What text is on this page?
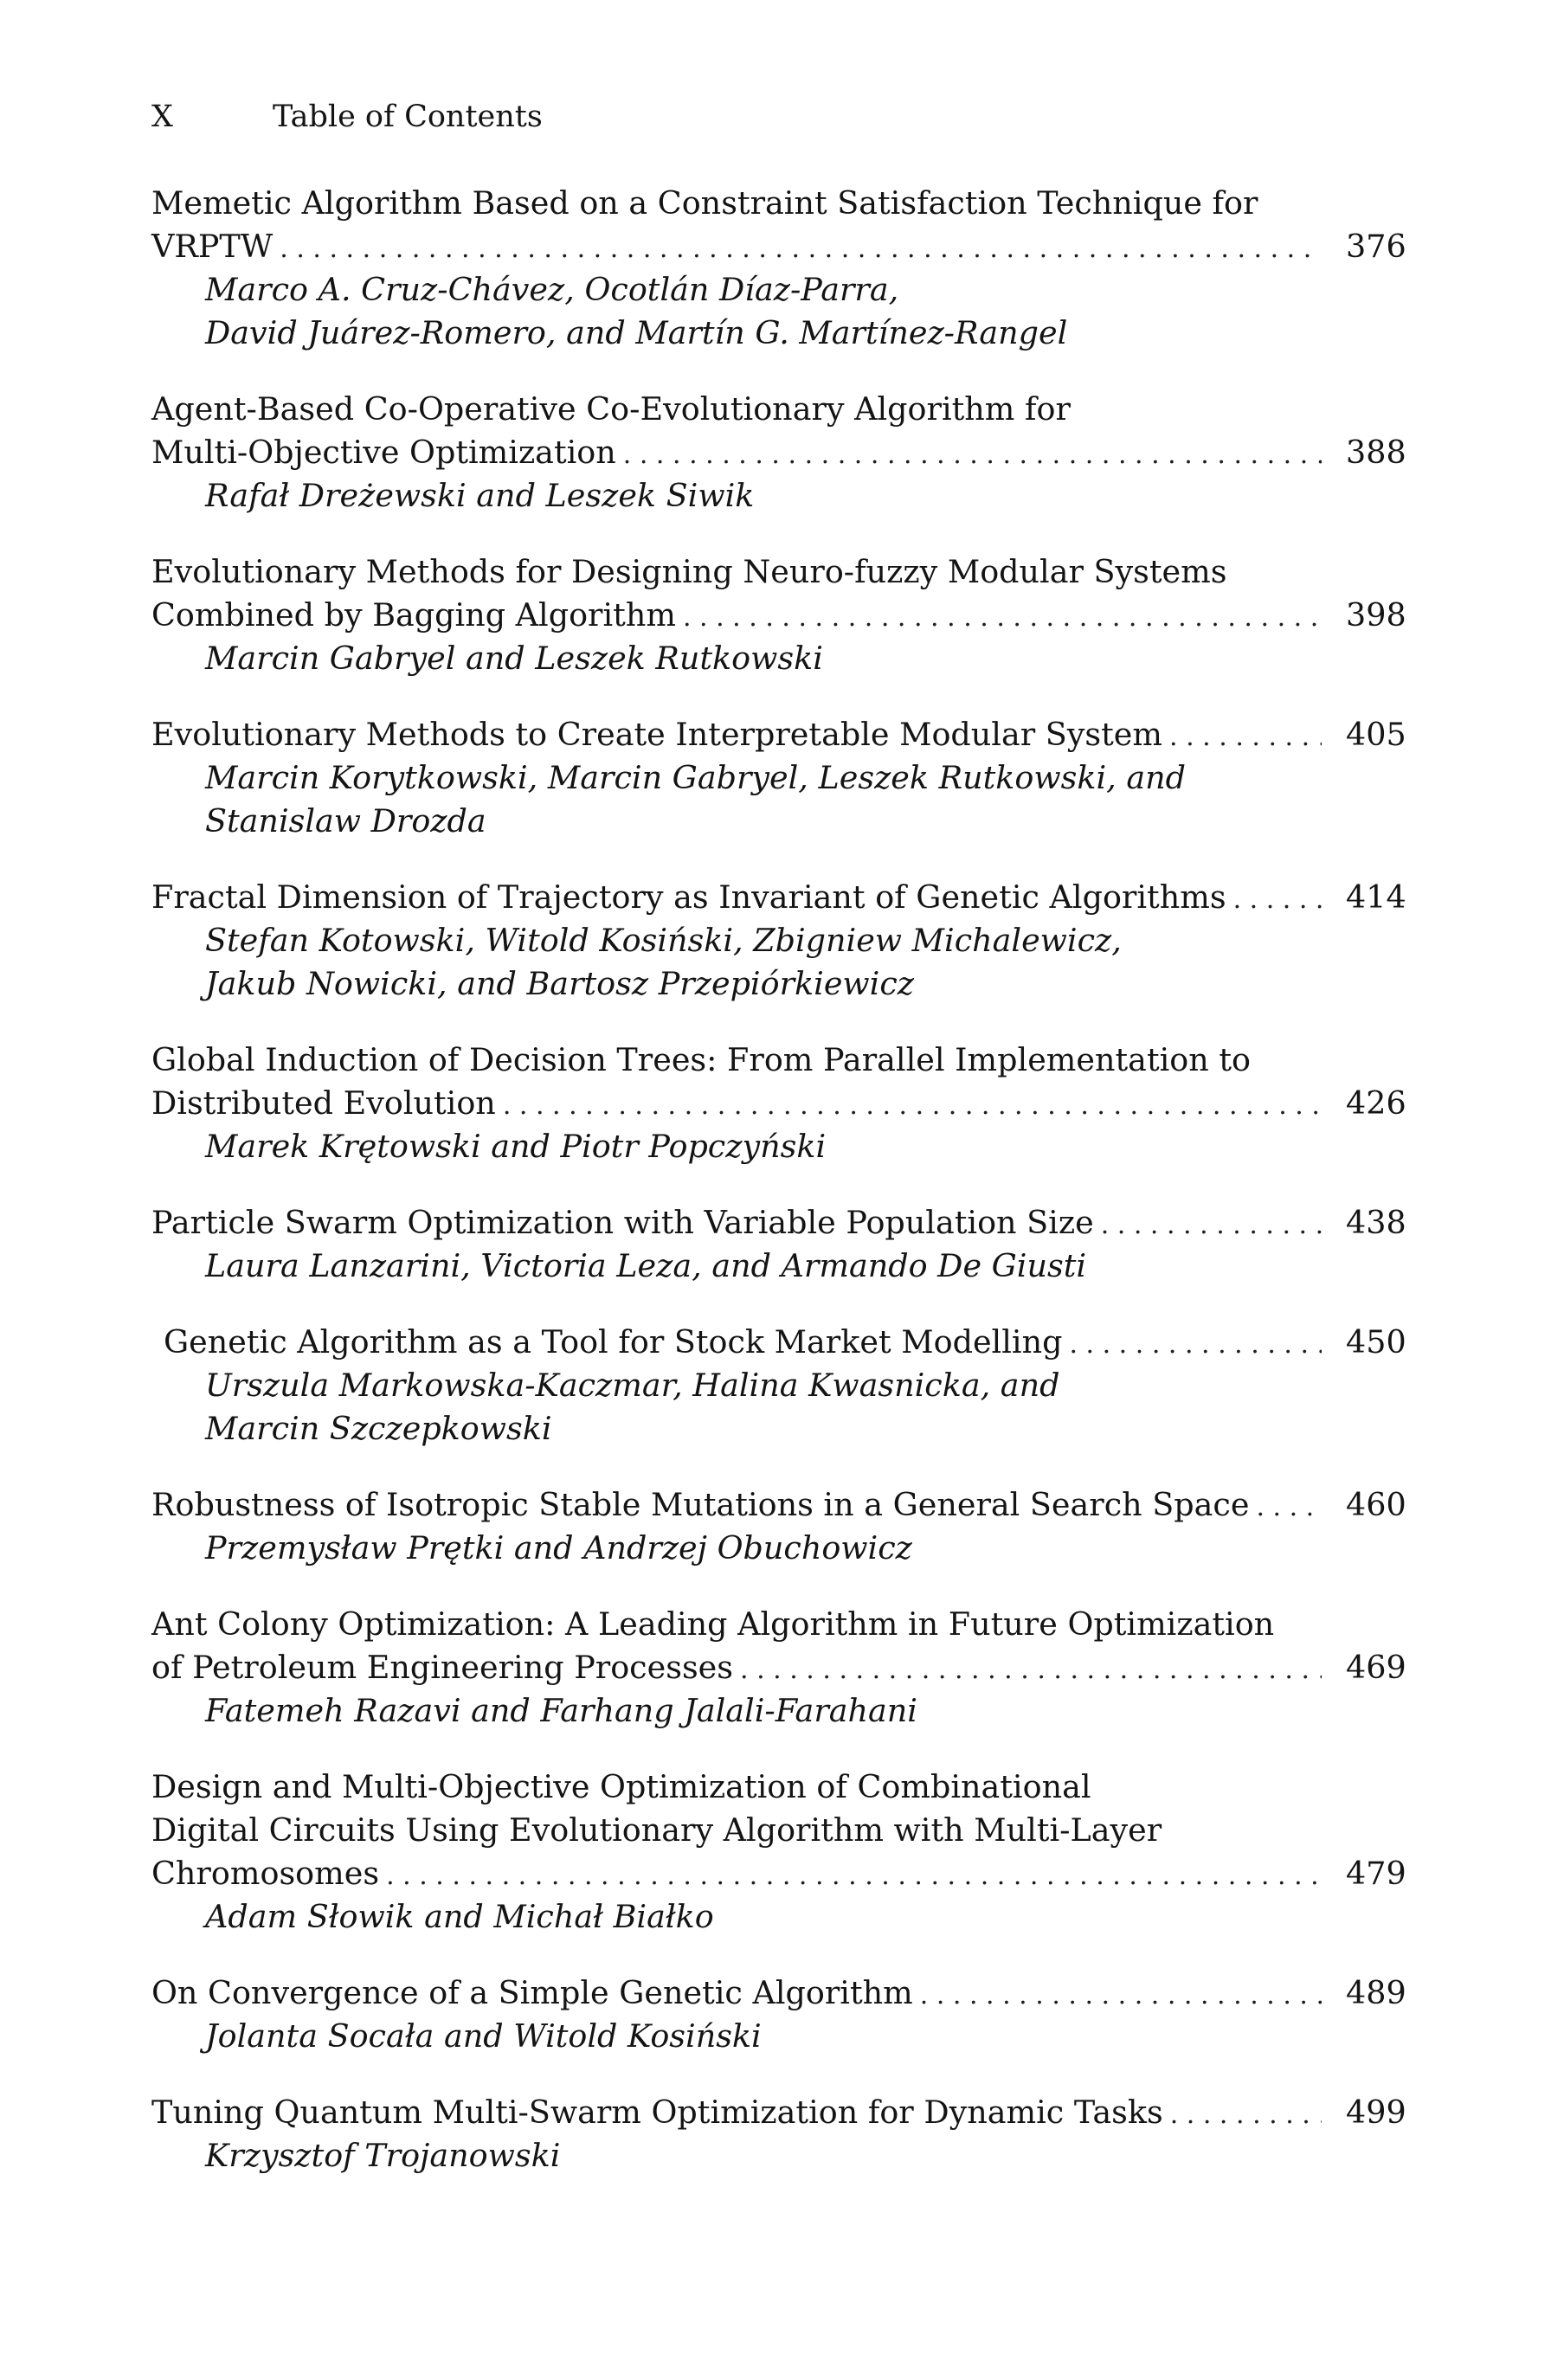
X	Table of Contents
Memetic Algorithm Based on a Constraint Satisfaction Technique for
VRPTW . . .	376
Marco A. Cruz-Chávez, Ocotlán Díaz-Parra,
David Juárez-Romero, and Martín G. Martínez-Rangel
Agent-Based Co-Operative Co-Evolutionary Algorithm for
Multi-Objective Optimization . . .	388
Rafał Dreżewski and Leszek Siwik
Evolutionary Methods for Designing Neuro-fuzzy Modular Systems
Combined by Bagging Algorithm . . .	398
Marcin Gabryel and Leszek Rutkowski
Evolutionary Methods to Create Interpretable Modular System . . .	405
Marcin Korytkowski, Marcin Gabryel, Leszek Rutkowski, and
Stanislaw Drozda
Fractal Dimension of Trajectory as Invariant of Genetic Algorithms . . .	414
Stefan Kotowski, Witold Kosiński, Zbigniew Michalewicz,
Jakub Nowicki, and Bartosz Przepiórkiewicz
Global Induction of Decision Trees: From Parallel Implementation to
Distributed Evolution . . .	426
Marek Krętowski and Piotr Popczyński
Particle Swarm Optimization with Variable Population Size . . .	438
Laura Lanzarini, Victoria Leza, and Armando De Giusti
Genetic Algorithm as a Tool for Stock Market Modelling . . .	450
Urszula Markowska-Kaczmar, Halina Kwasnicka, and
Marcin Szczepkowski
Robustness of Isotropic Stable Mutations in a General Search Space . . .	460
Przemysław Prętki and Andrzej Obuchowicz
Ant Colony Optimization: A Leading Algorithm in Future Optimization
of Petroleum Engineering Processes . . .	469
Fatemeh Razavi and Farhang Jalali-Farahani
Design and Multi-Objective Optimization of Combinational
Digital Circuits Using Evolutionary Algorithm with Multi-Layer
Chromosomes . . .	479
Adam Słowik and Michał Białko
On Convergence of a Simple Genetic Algorithm . . .	489
Jolanta Socała and Witold Kosiński
Tuning Quantum Multi-Swarm Optimization for Dynamic Tasks . . .	499
Krzysztof Trojanowski
